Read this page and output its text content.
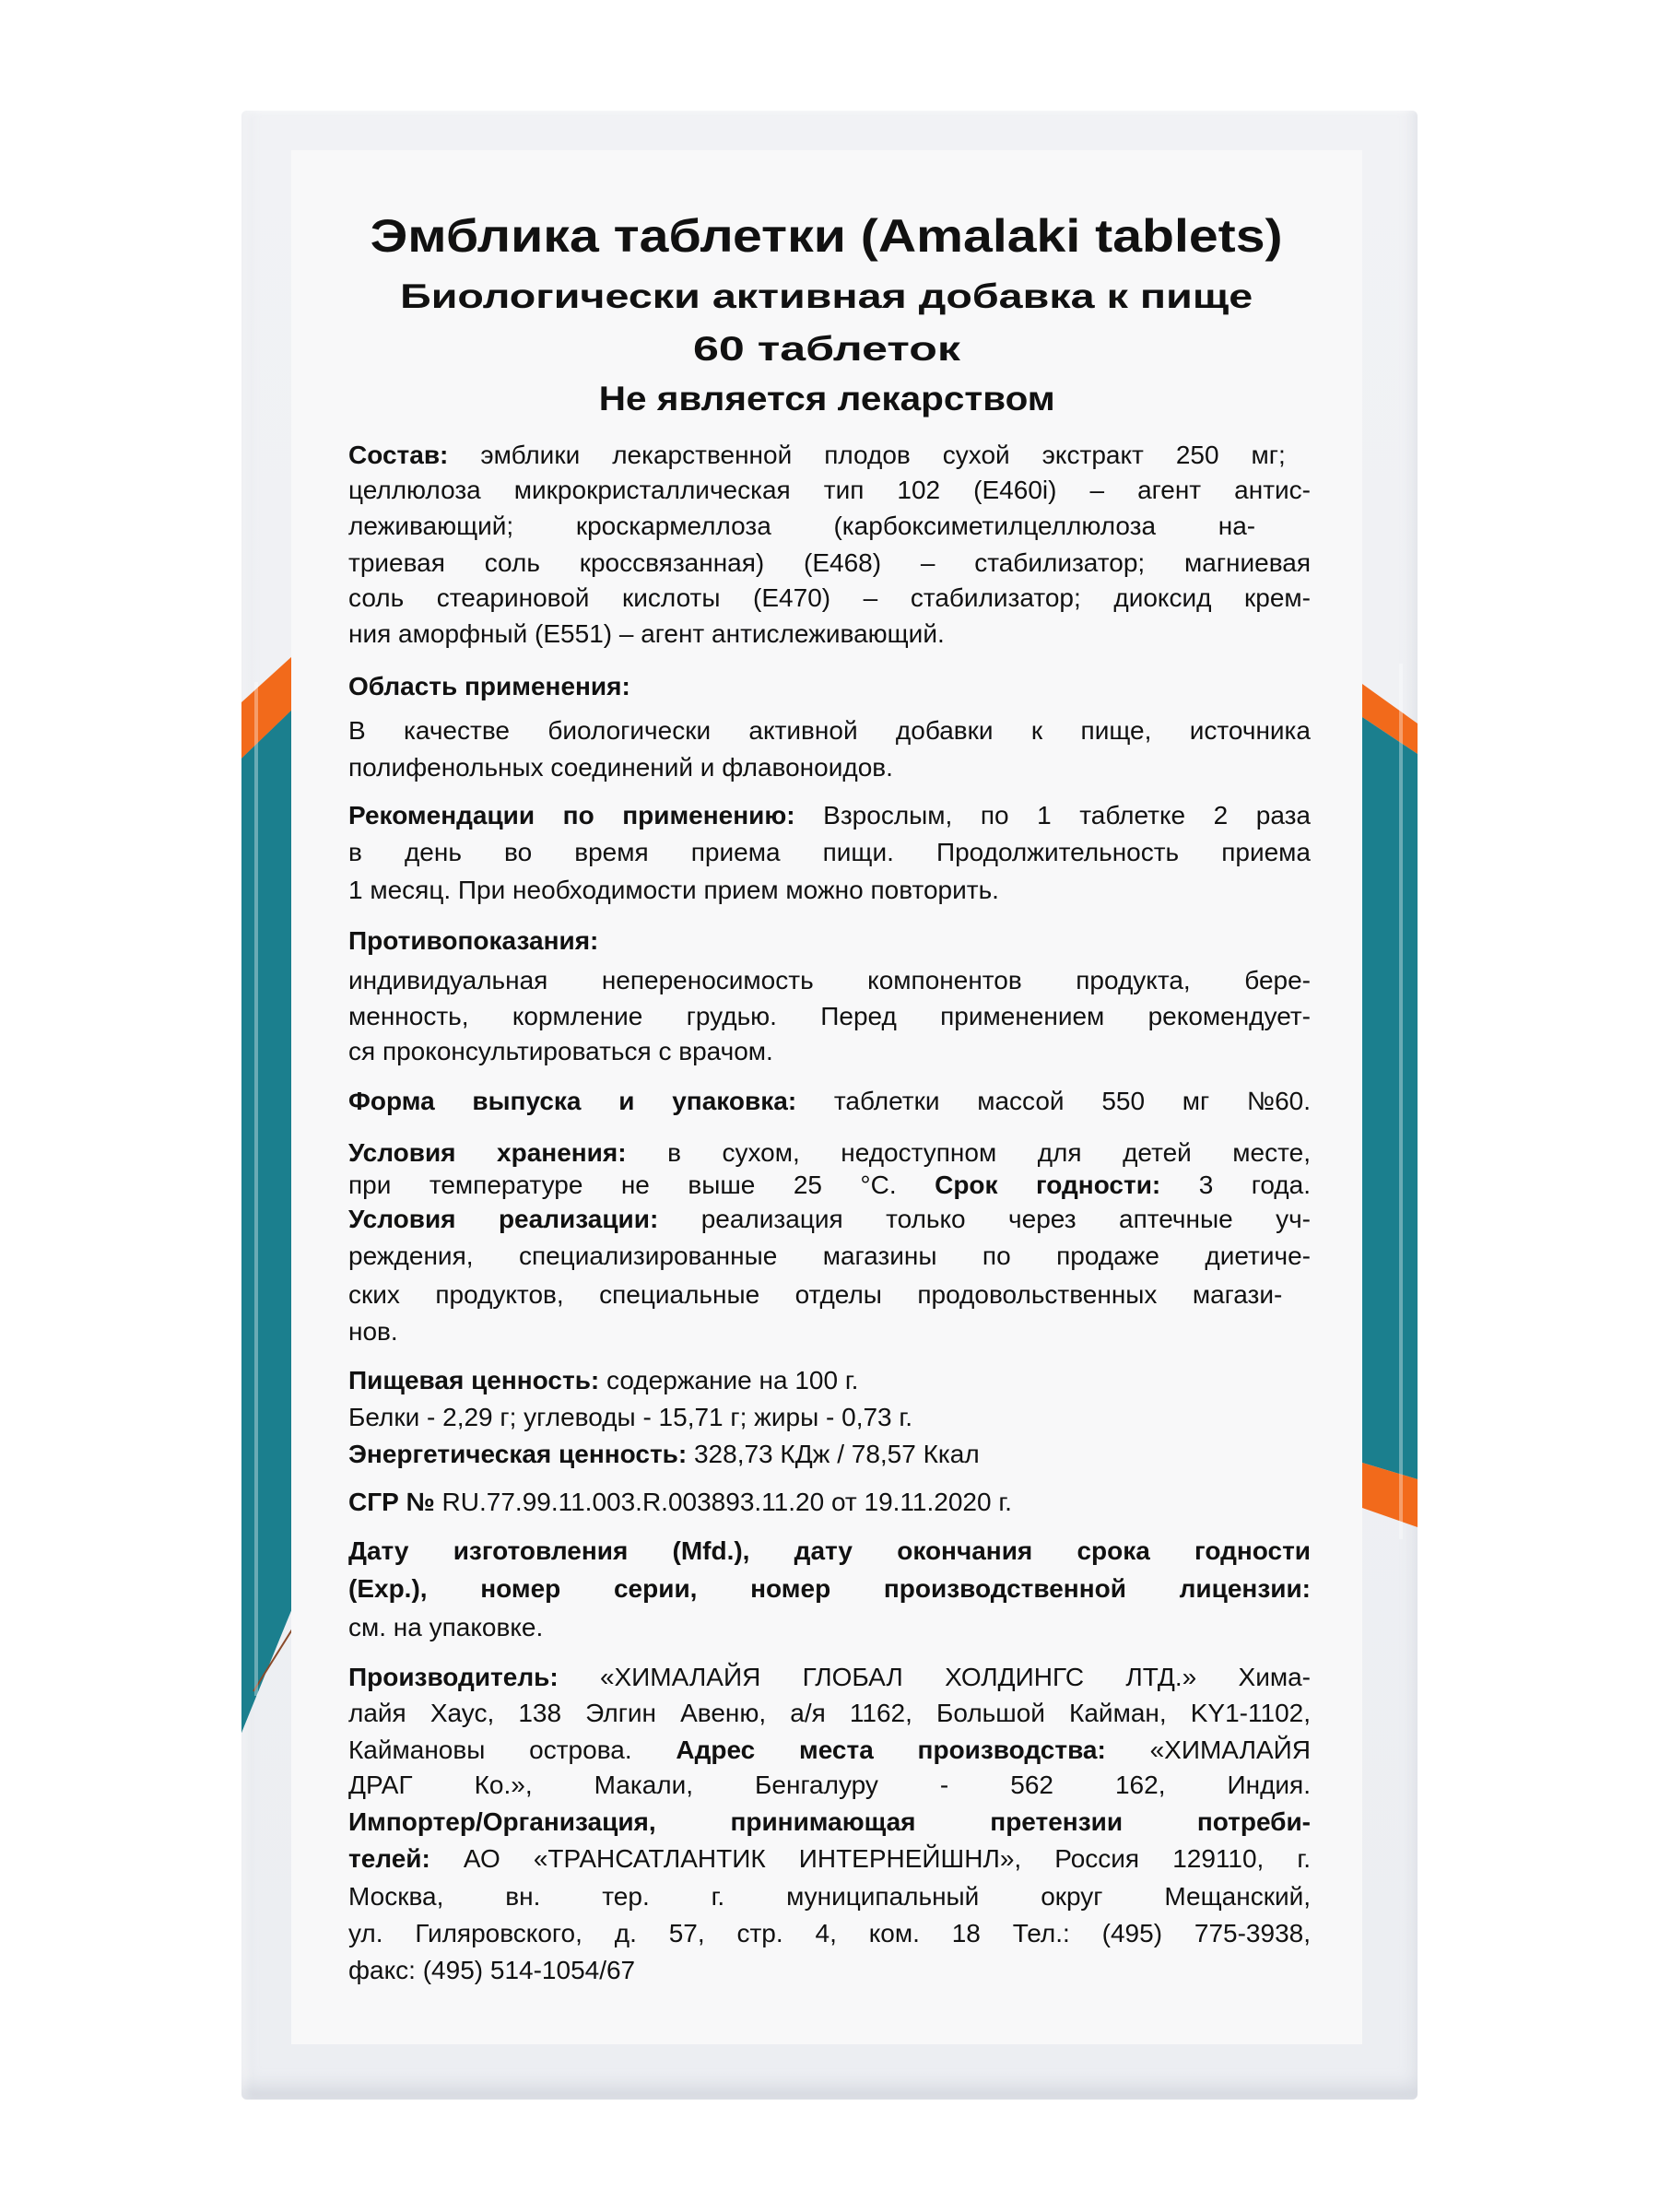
Эмблика таблетки (Amalaki tablets)
Биологически активная добавка к пище
60 таблеток
Не является лекарством
Состав: эмблики лекарственной плодов сухой экстракт 250 мг;
целлюлоза микрокристаллическая тип 102 (E460i) – агент антис-
леживающий; кроскармеллоза (карбоксиметилцеллюлоза на-
триевая соль кроссвязанная) (E468) – стабилизатор; магниевая
соль стеариновой кислоты (E470) – стабилизатор; диоксид крем-
ния аморфный (E551) – агент антислеживающий.
Область применения:
В качестве биологически активной добавки к пище, источника
полифенольных соединений и флавоноидов.
Рекомендации по применению: Взрослым, по 1 таблетке 2 раза
в день во время приема пищи. Продолжительность приема
1 месяц. При необходимости прием можно повторить.
Противопоказания:
индивидуальная непереносимость компонентов продукта, бере-
менность, кормление грудью. Перед применением рекомендует-
ся проконсультироваться с врачом.
Форма выпуска и упаковка: таблетки массой 550 мг №60.
Условия хранения: в сухом, недоступном для детей месте,
при температуре не выше 25 °С. Срок годности: 3 года.
Условия реализации: реализация только через аптечные уч-
реждения, специализированные магазины по продаже диетиче-
ских продуктов, специальные отделы продовольственных магази-
нов.
Пищевая ценность: содержание на 100 г.
Белки - 2,29 г; углеводы - 15,71 г; жиры - 0,73 г.
Энергетическая ценность: 328,73 КДж / 78,57 Ккал
СГР № RU.77.99.11.003.R.003893.11.20 от 19.11.2020 г.
Дату изготовления (Mfd.), дату окончания срока годности
(Exp.), номер серии, номер производственной лицензии:
см. на упаковке.
Производитель: «ХИМАЛАЙЯ ГЛОБАЛ ХОЛДИНГС ЛТД.» Хима-
лайя Хаус, 138 Элгин Авеню, а/я 1162, Большой Кайман, KY1-1102,
Каймановы острова. Адрес места производства: «ХИМАЛАЙЯ
ДРАГ Ко.», Макали, Бенгалуру - 562 162, Индия.
Импортер/Организация, принимающая претензии потреби-
телей: АО «ТРАНСАТЛАНТИК ИНТЕРНЕЙШНЛ», Россия 129110, г.
Москва, вн. тер. г. муниципальный округ Мещанский,
ул. Гиляровского, д. 57, стр. 4, ком. 18 Тел.: (495) 775-3938,
факс: (495) 514-1054/67
